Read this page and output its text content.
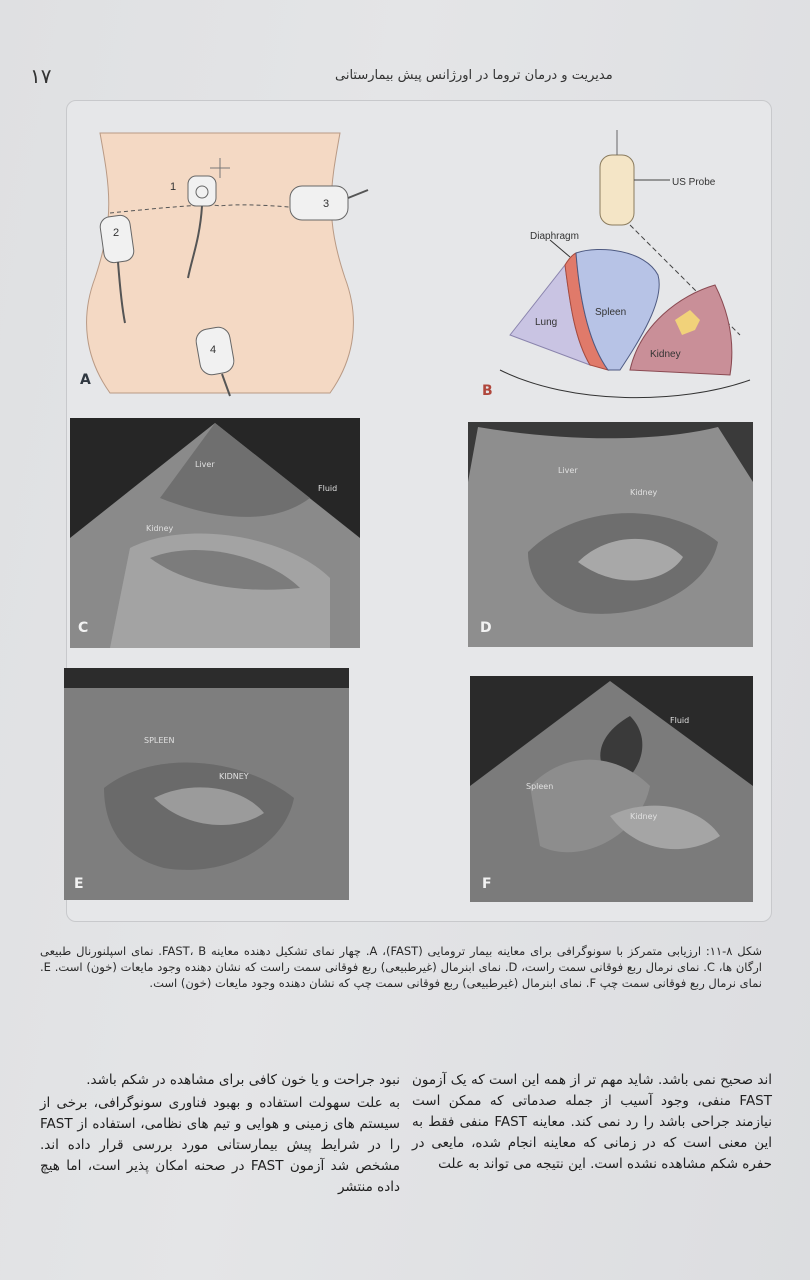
۱۷	مدیریت و درمان تروما در اورژانس پیش بیمارستانی
1
2
3
4
A
US Probe
Diaphragm
Spleen
Lung
Kidney
B
Liver
Fluid
Kidney
C
Liver
Kidney
D
SPLEEN
KIDNEY
E
Fluid
Spleen
Kidney
F
شکل ۸-۱۱: ارزیابی متمرکز با سونوگرافی برای معاینه بیمار ترومایی (FAST)، A. چهار نمای تشکیل دهنده معاینه FAST، B. نمای اسپلنورنال طبیعی ارگان ها، C. نمای نرمال ربع فوقانی سمت راست، D. نمای ابنرمال (غیرطبیعی) ربع فوقانی سمت راست که نشان دهنده وجود مایعات (خون) است. E. نمای نرمال ربع فوقانی سمت چپ F. نمای ابنرمال (غیرطبیعی) ربع فوقانی سمت چپ که نشان دهنده وجود مایعات (خون) است.

اند صحیح نمی باشد. شاید مهم تر از همه این است که یک آزمون FAST منفی، وجود آسیب از جمله صدماتی که ممکن است نیازمند جراحی باشد را رد نمی کند. معاینه FAST منفی فقط به این معنی است که در زمانی که معاینه انجام شده، مایعی در حفره شکم مشاهده نشده است. این نتیجه می تواند به علت

نبود جراحت و یا خون کافی برای مشاهده در شکم باشد.

به علت سهولت استفاده و بهبود فناوری سونوگرافی، برخی از سیستم های زمینی و هوایی و تیم های نظامی، استفاده از FAST را در شرایط پیش بیمارستانی مورد بررسی قرار داده اند. مشخص شد آزمون FAST در صحنه امکان پذیر است، اما هیچ داده منتشر
